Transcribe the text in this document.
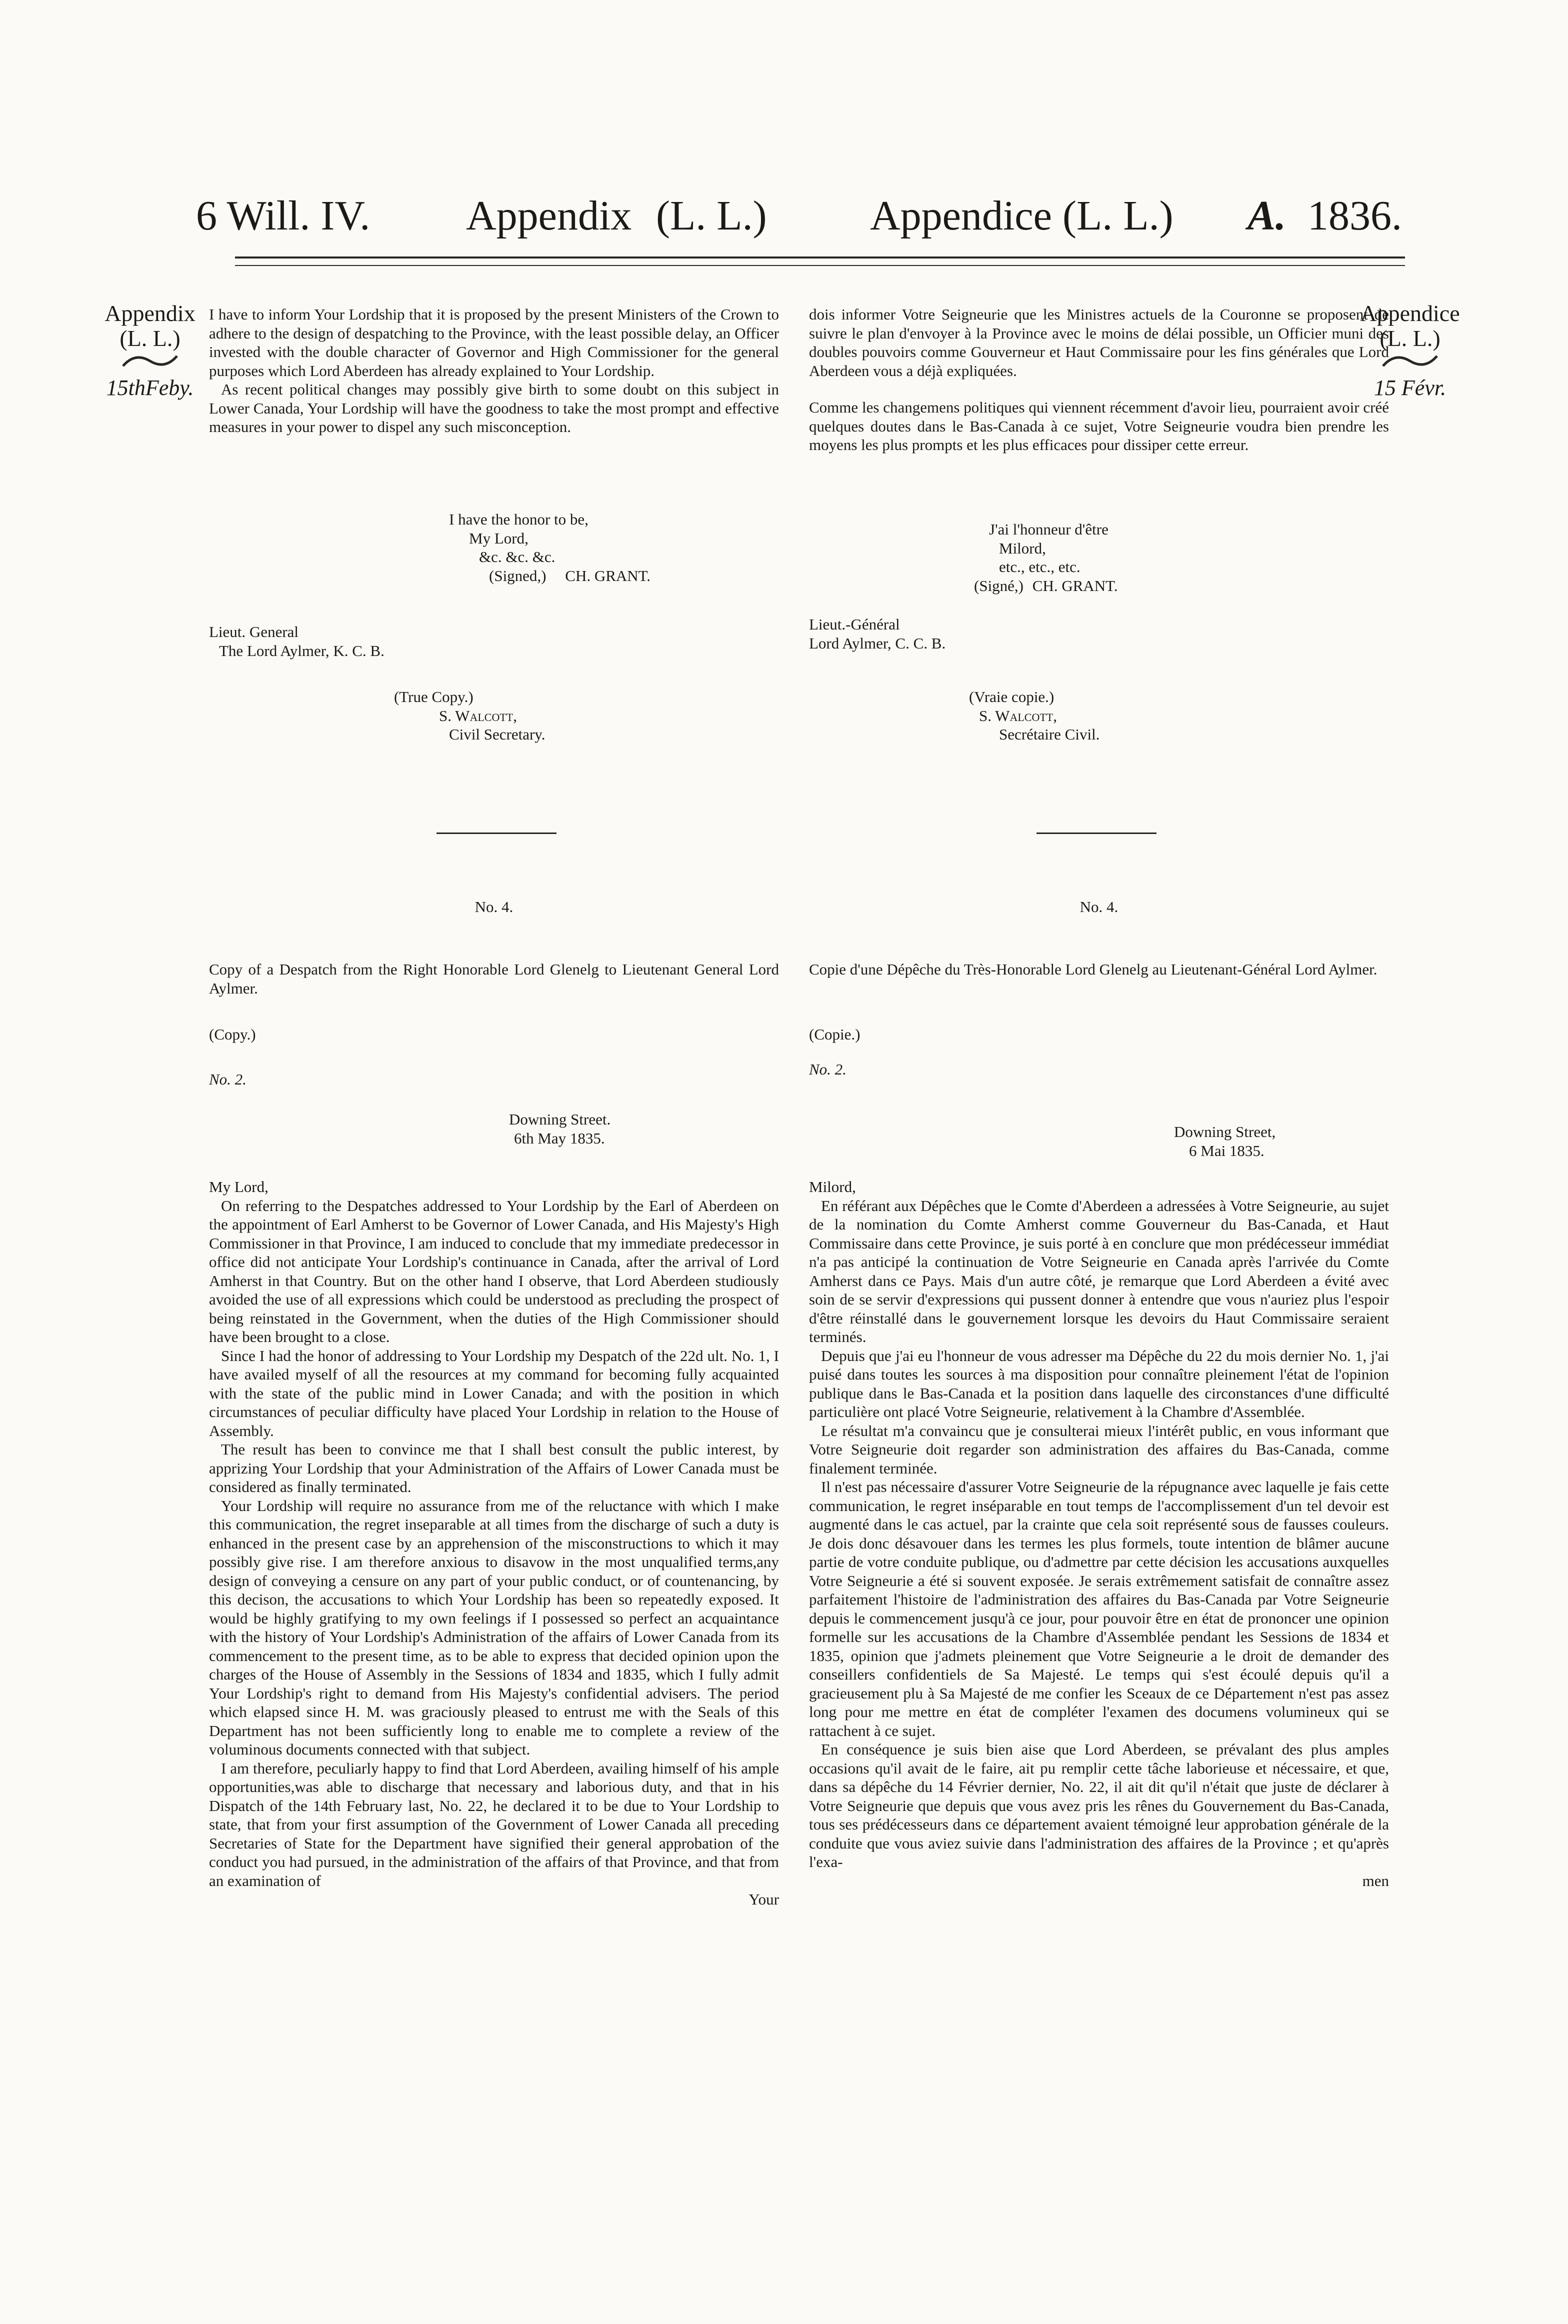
6 Will. IV. Appendix (L. L.) Appendice (L. L.) A. 1836.
Appendix
(L. L.)
15thFeby.
Appendice
(L. L.)
15 Févr.

I have to inform Your Lordship that it is proposed by the present Ministers of the Crown to adhere to the design of despatching to the Province, with the least possible delay, an Officer invested with the double character of Governor and High Commissioner for the general purposes which Lord Aberdeen has already explained to Your Lordship.

As recent political changes may possibly give birth to some doubt on this subject in Lower Canada, Your Lordship will have the goodness to take the most prompt and effective measures in your power to dispel any such misconception.

I have the honor to be,
My Lord,
&c. &c. &c.
(Signed,) CH. GRANT.
Lieut. General
The Lord Aylmer, K. C. B.
(True Copy.)
S. Walcott,
Civil Secretary.
No. 4.

Copy of a Despatch from the Right Honorable Lord Glenelg to Lieutenant General Lord Aylmer.

(Copy.)
No. 2.
Downing Street.
6th May 1835.
My Lord,

On referring to the Despatches addressed to Your Lordship by the Earl of Aberdeen on the appointment of Earl Amherst to be Governor of Lower Canada, and His Majesty's High Commissioner in that Province, I am induced to conclude that my immediate predecessor in office did not anticipate Your Lordship's continuance in Canada, after the arrival of Lord Amherst in that Country. But on the other hand I observe, that Lord Aberdeen studiously avoided the use of all expressions which could be understood as precluding the prospect of being reinstated in the Government, when the duties of the High Commissioner should have been brought to a close.

Since I had the honor of addressing to Your Lordship my Despatch of the 22d ult. No. 1, I have availed myself of all the resources at my command for becoming fully acquainted with the state of the public mind in Lower Canada; and with the position in which circumstances of peculiar difficulty have placed Your Lordship in relation to the House of Assembly.

The result has been to convince me that I shall best consult the public interest, by apprizing Your Lordship that your Administration of the Affairs of Lower Canada must be considered as finally terminated.

Your Lordship will require no assurance from me of the reluctance with which I make this communication, the regret inseparable at all times from the discharge of such a duty is enhanced in the present case by an apprehension of the misconstructions to which it may possibly give rise. I am therefore anxious to disavow in the most unqualified terms,any design of conveying a censure on any part of your public conduct, or of countenancing, by this decison, the accusations to which Your Lordship has been so repeatedly exposed. It would be highly gratifying to my own feelings if I possessed so perfect an acquaintance with the history of Your Lordship's Administration of the affairs of Lower Canada from its commencement to the present time, as to be able to express that decided opinion upon the charges of the House of Assembly in the Sessions of 1834 and 1835, which I fully admit Your Lordship's right to demand from His Majesty's confidential advisers. The period which elapsed since H. M. was graciously pleased to entrust me with the Seals of this Department has not been sufficiently long to enable me to complete a review of the voluminous documents connected with that subject.

I am therefore, peculiarly happy to find that Lord Aberdeen, availing himself of his ample opportunities,was able to discharge that necessary and laborious duty, and that in his Dispatch of the 14th February last, No. 22, he declared it to be due to Your Lordship to state, that from your first assumption of the Government of Lower Canada all preceding Secretaries of State for the Department have signified their general approbation of the conduct you had pursued, in the administration of the affairs of that Province, and that from an examination of

Your

dois informer Votre Seigneurie que les Ministres actuels de la Couronne se proposent de suivre le plan d'envoyer à la Province avec le moins de délai possible, un Officier muni des doubles pouvoirs comme Gouverneur et Haut Commissaire pour les fins générales que Lord Aberdeen vous a déjà expliquées.

Comme les changemens politiques qui viennent récemment d'avoir lieu, pourraient avoir créé quelques doutes dans le Bas-Canada à ce sujet, Votre Seigneurie voudra bien prendre les moyens les plus prompts et les plus efficaces pour dissiper cette erreur.

J'ai l'honneur d'être
Milord,
etc., etc., etc.
(Signé,) CH. GRANT.
Lieut.-Général
Lord Aylmer, C. C. B.
(Vraie copie.)
S. Walcott,
Secrétaire Civil.
No. 4.

Copie d'une Dépêche du Très-Honorable Lord Glenelg au Lieutenant-Général Lord Aylmer.

(Copie.)
No. 2.
Downing Street,
6 Mai 1835.
Milord,

En référant aux Dépêches que le Comte d'Aberdeen a adressées à Votre Seigneurie, au sujet de la nomination du Comte Amherst comme Gouverneur du Bas-Canada, et Haut Commissaire dans cette Province, je suis porté à en conclure que mon prédécesseur immédiat n'a pas anticipé la continuation de Votre Seigneurie en Canada après l'arrivée du Comte Amherst dans ce Pays. Mais d'un autre côté, je remarque que Lord Aberdeen a évité avec soin de se servir d'expressions qui pussent donner à entendre que vous n'auriez plus l'espoir d'être réinstallé dans le gouvernement lorsque les devoirs du Haut Commissaire seraient terminés.

Depuis que j'ai eu l'honneur de vous adresser ma Dépêche du 22 du mois dernier No. 1, j'ai puisé dans toutes les sources à ma disposition pour connaître pleinement l'état de l'opinion publique dans le Bas-Canada et la position dans laquelle des circonstances d'une difficulté particulière ont placé Votre Seigneurie, relativement à la Chambre d'Assemblée.

Le résultat m'a convaincu que je consulterai mieux l'intérêt public, en vous informant que Votre Seigneurie doit regarder son administration des affaires du Bas-Canada, comme finalement terminée.

Il n'est pas nécessaire d'assurer Votre Seigneurie de la répugnance avec laquelle je fais cette communication, le regret inséparable en tout temps de l'accomplissement d'un tel devoir est augmenté dans le cas actuel, par la crainte que cela soit représenté sous de fausses couleurs. Je dois donc désavouer dans les termes les plus formels, toute intention de blâmer aucune partie de votre conduite publique, ou d'admettre par cette décision les accusations auxquelles Votre Seigneurie a été si souvent exposée. Je serais extrêmement satisfait de connaître assez parfaitement l'histoire de l'administration des affaires du Bas-Canada par Votre Seigneurie depuis le commencement jusqu'à ce jour, pour pouvoir être en état de prononcer une opinion formelle sur les accusations de la Chambre d'Assemblée pendant les Sessions de 1834 et 1835, opinion que j'admets pleinement que Votre Seigneurie a le droit de demander des conseillers confidentiels de Sa Majesté. Le temps qui s'est écoulé depuis qu'il a gracieusement plu à Sa Majesté de me confier les Sceaux de ce Département n'est pas assez long pour me mettre en état de compléter l'examen des documens volumineux qui se rattachent à ce sujet.

En conséquence je suis bien aise que Lord Aberdeen, se prévalant des plus amples occasions qu'il avait de le faire, ait pu remplir cette tâche laborieuse et nécessaire, et que, dans sa dépêche du 14 Février dernier, No. 22, il ait dit qu'il n'était que juste de déclarer à Votre Seigneurie que depuis que vous avez pris les rênes du Gouvernement du Bas-Canada, tous ses prédécesseurs dans ce département avaient témoigné leur approbation générale de la conduite que vous aviez suivie dans l'administration des affaires de la Province ; et qu'après l'exa-

men
